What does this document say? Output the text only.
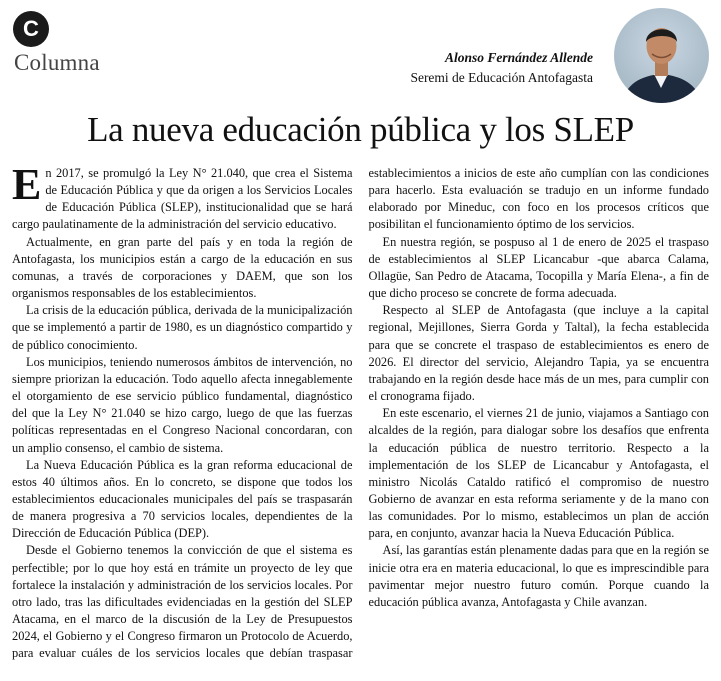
C
Columna	Alonso Fernández Allende
Seremi de Educación Antofagasta
La nueva educación pública y los SLEP

En 2017, se promulgó la Ley N° 21.040, que crea el Sistema de Educación Pública y que da origen a los Servicios Locales de Educación Pública (SLEP), institucionalidad que se hará cargo paulatinamente de la administración del servicio educativo.

Actualmente, en gran parte del país y en toda la región de Antofagasta, los municipios están a cargo de la educación en sus comunas, a través de corporaciones y DAEM, que son los organismos responsables de los establecimientos.

La crisis de la educación pública, derivada de la municipalización que se implementó a partir de 1980, es un diagnóstico compartido y de público conocimiento.

Los municipios, teniendo numerosos ámbitos de intervención, no siempre priorizan la educación. Todo aquello afecta innegablemente el otorgamiento de ese servicio público fundamental, diagnóstico del que la Ley N° 21.040 se hizo cargo, luego de que las fuerzas políticas representadas en el Congreso Nacional concordaran, con un amplio consenso, el cambio de sistema.

La Nueva Educación Pública es la gran reforma educacional de estos 40 últimos años. En lo concreto, se dispone que todos los establecimientos educacionales municipales del país se traspasarán de manera progresiva a 70 servicios locales, dependientes de la Dirección de Educación Pública (DEP).

Desde el Gobierno tenemos la convicción de que el sistema es perfectible; por lo que hoy está en trámite un proyecto de ley que fortalece la instalación y administración de los servicios locales. Por otro lado, tras las dificultades evidenciadas en la gestión del SLEP Atacama, en el marco de la discusión de la Ley de Presupuestos 2024, el Gobierno y el Congreso firmaron un Protocolo de Acuerdo, para evaluar cuáles de los servicios locales que debían traspasar establecimientos a inicios de este año cumplían con las condiciones para hacerlo. Esta evaluación se tradujo en un informe fundado elaborado por Mineduc, con foco en los procesos críticos que posibilitan el funcionamiento óptimo de los servicios.

En nuestra región, se pospuso al 1 de enero de 2025 el traspaso de establecimientos al SLEP Licancabur -que abarca Calama, Ollagüe, San Pedro de Atacama, Tocopilla y María Elena-, a fin de que dicho proceso se concrete de forma adecuada.

Respecto al SLEP de Antofagasta (que incluye a la capital regional, Mejillones, Sierra Gorda y Taltal), la fecha establecida para que se concrete el traspaso de establecimientos es enero de 2026. El director del servicio, Alejandro Tapia, ya se encuentra trabajando en la región desde hace más de un mes, para cumplir con el cronograma fijado.

En este escenario, el viernes 21 de junio, viajamos a Santiago con alcaldes de la región, para dialogar sobre los desafíos que enfrenta la educación pública de nuestro territorio. Respecto a la implementación de los SLEP de Licancabur y Antofagasta, el ministro Nicolás Cataldo ratificó el compromiso de nuestro Gobierno de avanzar en esta reforma seriamente y de la mano con las comunidades. Por lo mismo, establecimos un plan de acción para, en conjunto, avanzar hacia la Nueva Educación Pública.

Así, las garantías están plenamente dadas para que en la región se inicie otra era en materia educacional, lo que es imprescindible para pavimentar mejor nuestro futuro común. Porque cuando la educación pública avanza, Antofagasta y Chile avanzan.
